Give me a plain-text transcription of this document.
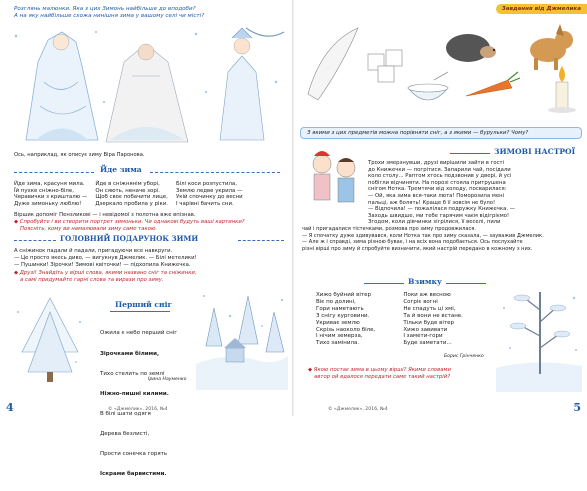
Розглянь малюнки. Яка з цих Зимонь найбільше до вподоби?
А на яку найбільше схожа нинішня зима у вашому селі чи місті?
Ось, наприклад, як описує зиму Віра Паронова.
Йде зима
Йде зима, красуня мила.
Їй пухке сніжно-біле,
Черавички з кришталю —
Дуже зимоньку люблю!
Йде в сніжнянім уборі,
Он сяють, неначе зорі.
Щоб своє побачити лице,
Дзеркало пробила у ріки.
Білі коси розпустила,
Землю ледве укрила —
Укій спочинку до весни
І чарівні бачить сни.
Віршик допоміг Пензликові — і невідомої з полотна вже впізнав.
◆ Спробуйте і ви створити портрет зимоньки. Чи однакові будуть ваші картинки?
Поясніть, кому ви намалювали зиму саме такою.
ГОЛОВНИЙ ПОДАРУНОК ЗИМИ
А сніжинок падали й падали, пригадуючи все навкруги.
— Це просто якесь диво, — вигукнув Джмелик. — Білі метелики!
— Пушинки! Зірочки! Зимові квіточки! — підхопила Книжечка.
◆ Друзі! Знайдіть у вірші слова, якими названо сніг та сніжинки,
а самі придумайте гарні слова та вирази про зиму.
Перший сніг

Ожила є небо перший сніг

Зірочками білими,

Тихо стелить по землі

Ніжно-пишні килими.

В білі шати одягя

Дерева безлисті,

Прости сонечка горять

Іскрами барвистими.

Ірина Науменко
© «Джмелик», 2016, №4
4
Завдання від Джмелика
З якими з цих предметів можна порівняти сніг, а з якими — бурульки? Чому?
ЗИМОВІ НАСТРОЇ
Трохи змерзнувши, друзі вирішили зайти в гості
до Книжечки — погрітися. Запарили чай, посідали
коло столу... Раптом хтось подзвонив у двері, й усі
побігли відчиняти. На порозі стояла притрушена
снігом Нотка. Тремтячи від холоду, посварилася:
— Ой, яка зима вся-таки люта! Поморозила мені
пальці, аж болять! Краще б її зовсім не було!
— Відпочила! — пожалілася подружку Книжечка. —
Заходь швидше, ми тебе гарячим чаєм відігріємо!
Згодом, коли дівчинки зігрілися, її веселі, пили
чай і пригадалися тістечками, розмова про зиму продовжилася.
— Я спочатку дуже здивувався, коли Нотка так про зиму сказала, — зауважив Джмелик.
— Але ж і справді, зима різною буває, і на всіх вона подобається. Ось послухайте
різні вірші про зиму й спробуйте визначити, який настрій передано в кожному з них.
Взимку
Хижо буйний вітер
Віє по долині,
Гори наметають
З снігу курговини.
Укриває землю
Скрізь наоколо біле,
І нічим земерза,
Тихо замінила.
Поки аж весною
Согріє вогні
Не спадуть ці хмі,
Та й вони не встане.
Тільки буде вітер
Хижо завивати
І замети-гори
Буде заметати...
Борис Грінченко
◆ Якою постає зима в цьому вірші? Якими словами
автор ой вдалося передати саме такий настрій?
© «Джмелик», 2016, №4	5
